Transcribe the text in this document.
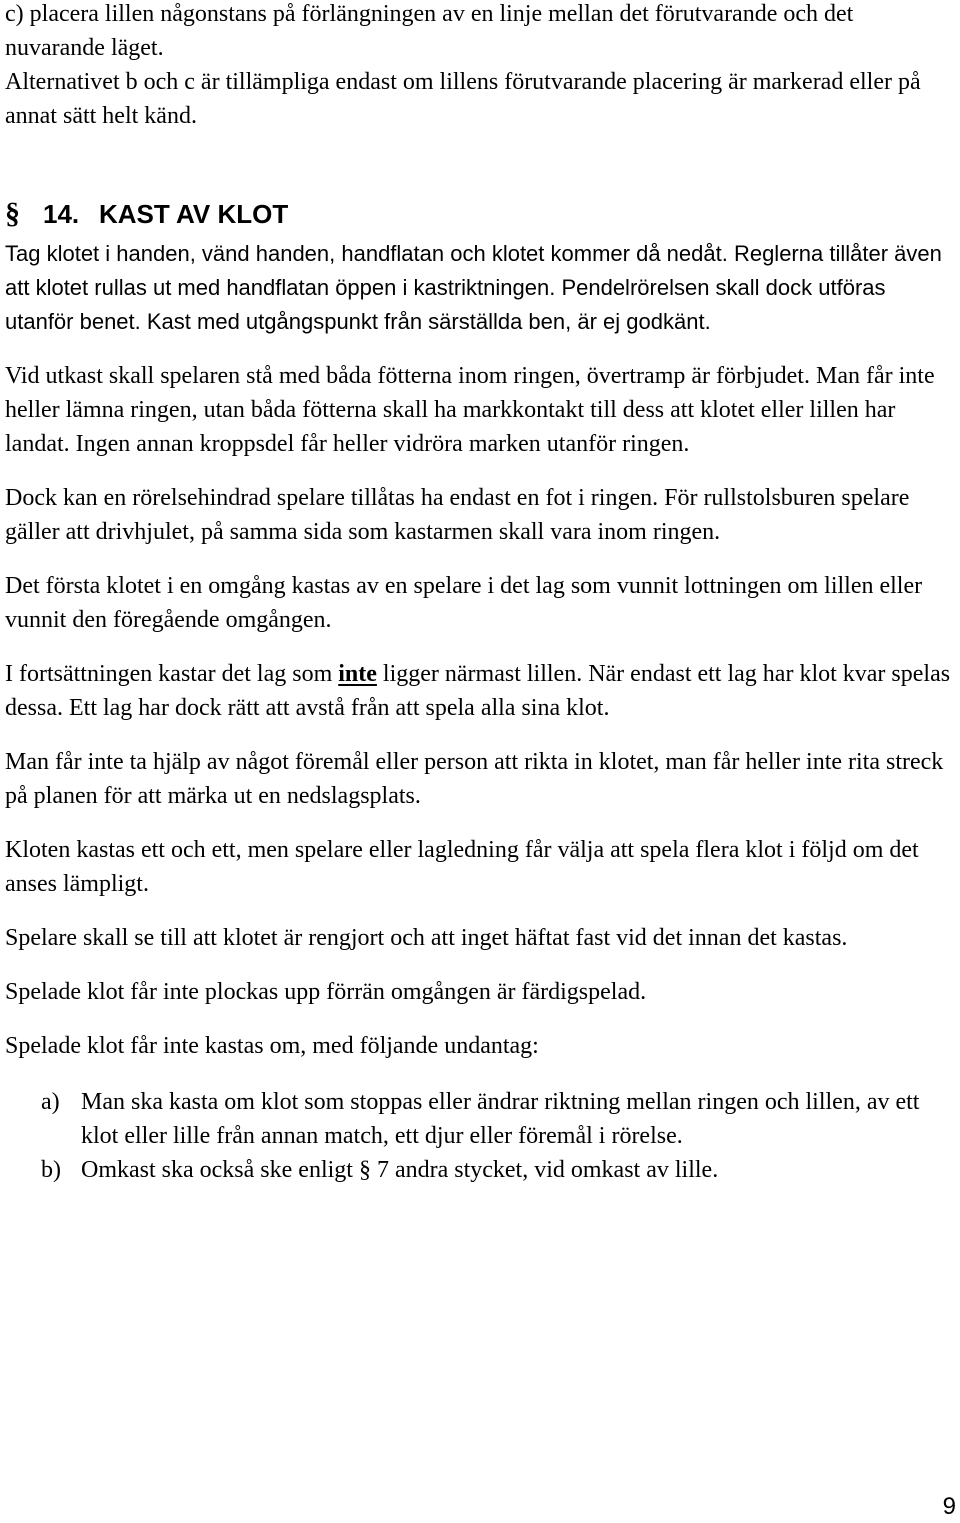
c) placera lillen någonstans på förlängningen av en linje mellan det förutvarande och det nuvarande läget.

Alternativet b och c är tillämpliga endast om lillens förutvarande placering är markerad eller på annat sätt helt känd.

§ 14. KAST AV KLOT

Tag klotet i handen, vänd handen, handflatan och klotet kommer då nedåt. Reglerna tillåter även att klotet rullas ut med handflatan öppen i kastriktningen. Pendelrörelsen skall dock utföras utanför benet. Kast med utgångspunkt från särställda ben, är ej godkänt.

Vid utkast skall spelaren stå med båda fötterna inom ringen, övertramp är förbjudet. Man får inte heller lämna ringen, utan båda fötterna skall ha markkontakt till dess att klotet eller lillen har landat. Ingen annan kroppsdel får heller vidröra marken utanför ringen.

Dock kan en rörelsehindrad spelare tillåtas ha endast en fot i ringen. För rullstolsburen spelare gäller att drivhjulet, på samma sida som kastarmen skall vara inom ringen.

Det första klotet i en omgång kastas av en spelare i det lag som vunnit lottningen om lillen eller vunnit den föregående omgången.

I fortsättningen kastar det lag som inte ligger närmast lillen. När endast ett lag har klot kvar spelas dessa. Ett lag har dock rätt att avstå från att spela alla sina klot.

Man får inte ta hjälp av något föremål eller person att rikta in klotet, man får heller inte rita streck på planen för att märka ut en nedslagsplats.

Kloten kastas ett och ett, men spelare eller lagledning får välja att spela flera klot i följd om det anses lämpligt.

Spelare skall se till att klotet är rengjort och att inget häftat fast vid det innan det kastas.

Spelade klot får inte plockas upp förrän omgången är färdigspelad.

Spelade klot får inte kastas om, med följande undantag:

a) Man ska kasta om klot som stoppas eller ändrar riktning mellan ringen och lillen, av ett klot eller lille från annan match, ett djur eller föremål i rörelse.
b) Omkast ska också ske enligt § 7 andra stycket, vid omkast av lille.
9
